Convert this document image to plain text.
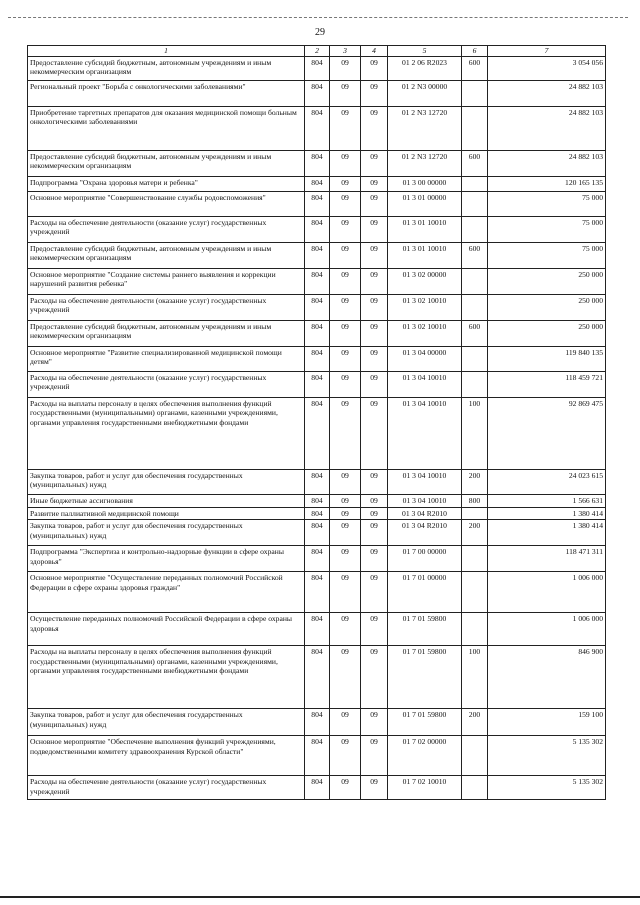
29
1	2	3	4	5	6	7
Предоставление субсидий бюджетным, автономным учреждениям и иным некоммерческим организациям	804	09	09	01 2 06 R2023	600	3 054 056
Региональный проект "Борьба с онкологическими заболеваниями"	804	09	09	01 2 N3 00000		24 882 103
Приобретение таргетных препаратов для оказания медицинской помощи больным онкологическими заболеваниями	804	09	09	01 2 N3 12720		24 882 103
Предоставление субсидий бюджетным, автономным учреждениям и иным некоммерческим организациям	804	09	09	01 2 N3 12720	600	24 882 103
Подпрограмма "Охрана здоровья матери и ребенка"	804	09	09	01 3 00 00000		120 165 135
Основное мероприятие "Совершенствование службы родовспоможения"	804	09	09	01 3 01 00000		75 000
Расходы на обеспечение деятельности (оказание услуг) государственных учреждений	804	09	09	01 3 01 10010		75 000
Предоставление субсидий бюджетным, автономным учреждениям и иным некоммерческим организациям	804	09	09	01 3 01 10010	600	75 000
Основное мероприятие "Создание системы раннего выявления и коррекции нарушений развития ребенка"	804	09	09	01 3 02 00000		250 000
Расходы на обеспечение деятельности (оказание услуг) государственных учреждений	804	09	09	01 3 02 10010		250 000
Предоставление субсидий бюджетным, автономным учреждениям и иным некоммерческим организациям	804	09	09	01 3 02 10010	600	250 000
Основное мероприятие "Развитие специализированной медицинской помощи детям"	804	09	09	01 3 04 00000		119 840 135
Расходы на обеспечение деятельности (оказание услуг) государственных учреждений	804	09	09	01 3 04 10010		118 459 721
Расходы на выплаты персоналу в целях обеспечения выполнения функций государственными (муниципальными) органами, казенными учреждениями, органами управления государственными внебюджетными фондами	804	09	09	01 3 04 10010	100	92 869 475
Закупка товаров, работ и услуг для обеспечения государственных (муниципальных) нужд	804	09	09	01 3 04 10010	200	24 023 615
Иные бюджетные ассигнования	804	09	09	01 3 04 10010	800	1 566 631
Развитие паллиативной медицинской помощи	804	09	09	01 3 04 R2010		1 380 414
Закупка товаров, работ и услуг для обеспечения государственных (муниципальных) нужд	804	09	09	01 3 04 R2010	200	1 380 414
Подпрограмма "Экспертиза и контрольно-надзорные функции в сфере охраны здоровья"	804	09	09	01 7 00 00000		118 471 311
Основное мероприятие "Осуществление переданных полномочий Российской Федерации в сфере охраны здоровья граждан"	804	09	09	01 7 01 00000		1 006 000
Осуществление переданных полномочий Российской Федерации в сфере охраны здоровья	804	09	09	01 7 01 59800		1 006 000
Расходы на выплаты персоналу в целях обеспечения выполнения функций государственными (муниципальными) органами, казенными учреждениями, органами управления государственными внебюджетными фондами	804	09	09	01 7 01 59800	100	846 900
Закупка товаров, работ и услуг для обеспечения государственных (муниципальных) нужд	804	09	09	01 7 01 59800	200	159 100
Основное мероприятие "Обеспечение выполнения функций учреждениями, подведомственными комитету здравоохранения Курской области"	804	09	09	01 7 02 00000		5 135 302
Расходы на обеспечение деятельности (оказание услуг) государственных учреждений	804	09	09	01 7 02 10010		5 135 302
